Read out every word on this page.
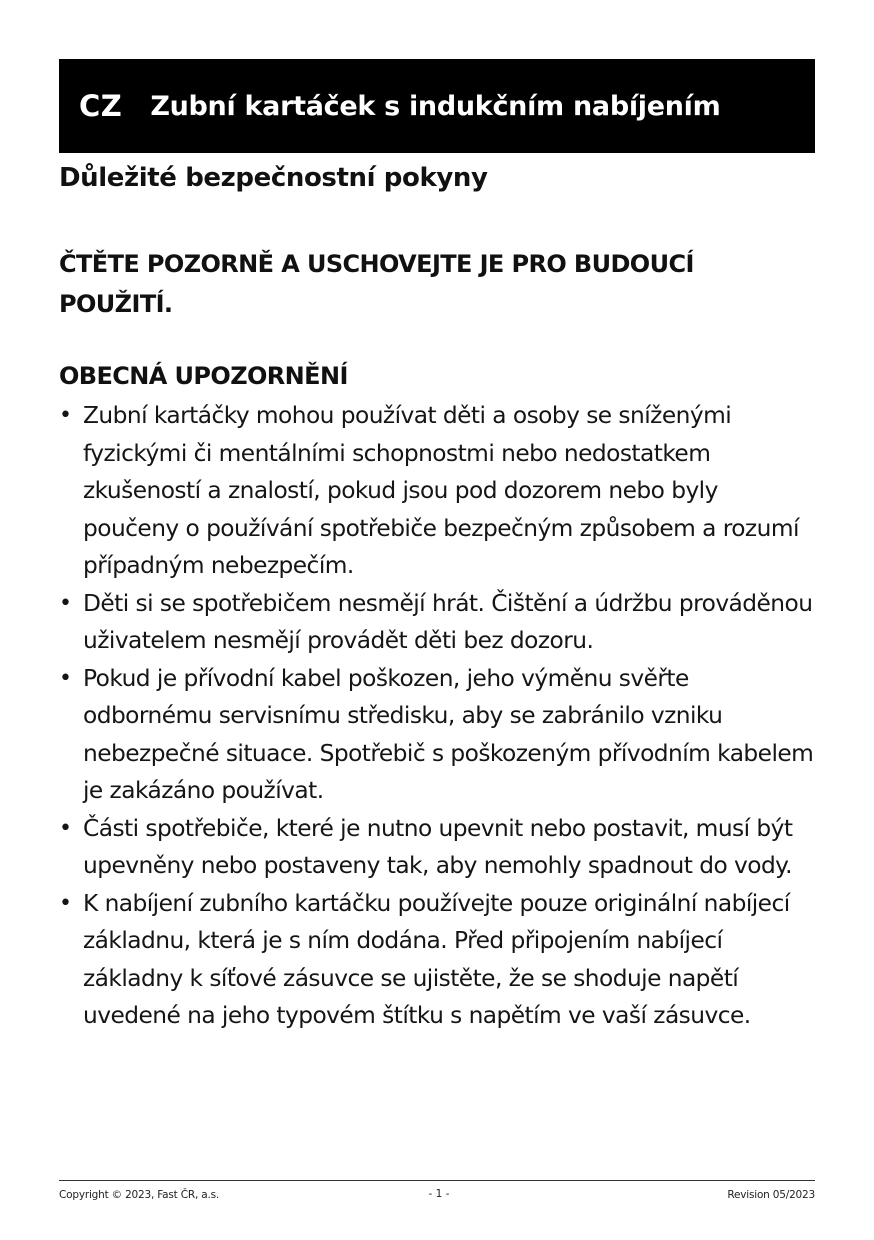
CZ Zubní kartáček s indukčním nabíjením
Důležité bezpečnostní pokyny
ČTĚTE POZORNĚ A USCHOVEJTE JE PRO BUDOUCÍ POUŽITÍ.
OBECNÁ UPOZORNĚNÍ
• Zubní kartáčky mohou používat děti a osoby se sníženými fyzickými či mentálními schopnostmi nebo nedostatkem zkušeností a znalostí, pokud jsou pod dozorem nebo byly poučeny o používání spotřebiče bezpečným způsobem a rozumí případným nebezpečím.
• Děti si se spotřebičem nesmějí hrát. Čištění a údržbu prováděnou uživatelem nesmějí provádět děti bez dozoru.
• Pokud je přívodní kabel poškozen, jeho výměnu svěřte odbornému servisnímu středisku, aby se zabránilo vzniku nebezpečné situace. Spotřebič s poškozeným přívodním kabelem je zakázáno používat.
• Části spotřebiče, které je nutno upevnit nebo postavit, musí být upevněny nebo postaveny tak, aby nemohly spadnout do vody.
• K nabíjení zubního kartáčku používejte pouze originální nabíjecí základnu, která je s ním dodána. Před připojením nabíjecí základny k síťové zásuvce se ujistěte, že se shoduje napětí uvedené na jeho typovém štítku s napětím ve vaší zásuvce.
Copyright © 2023, Fast ČR, a.s.	- 1 -	Revision 05/2023
